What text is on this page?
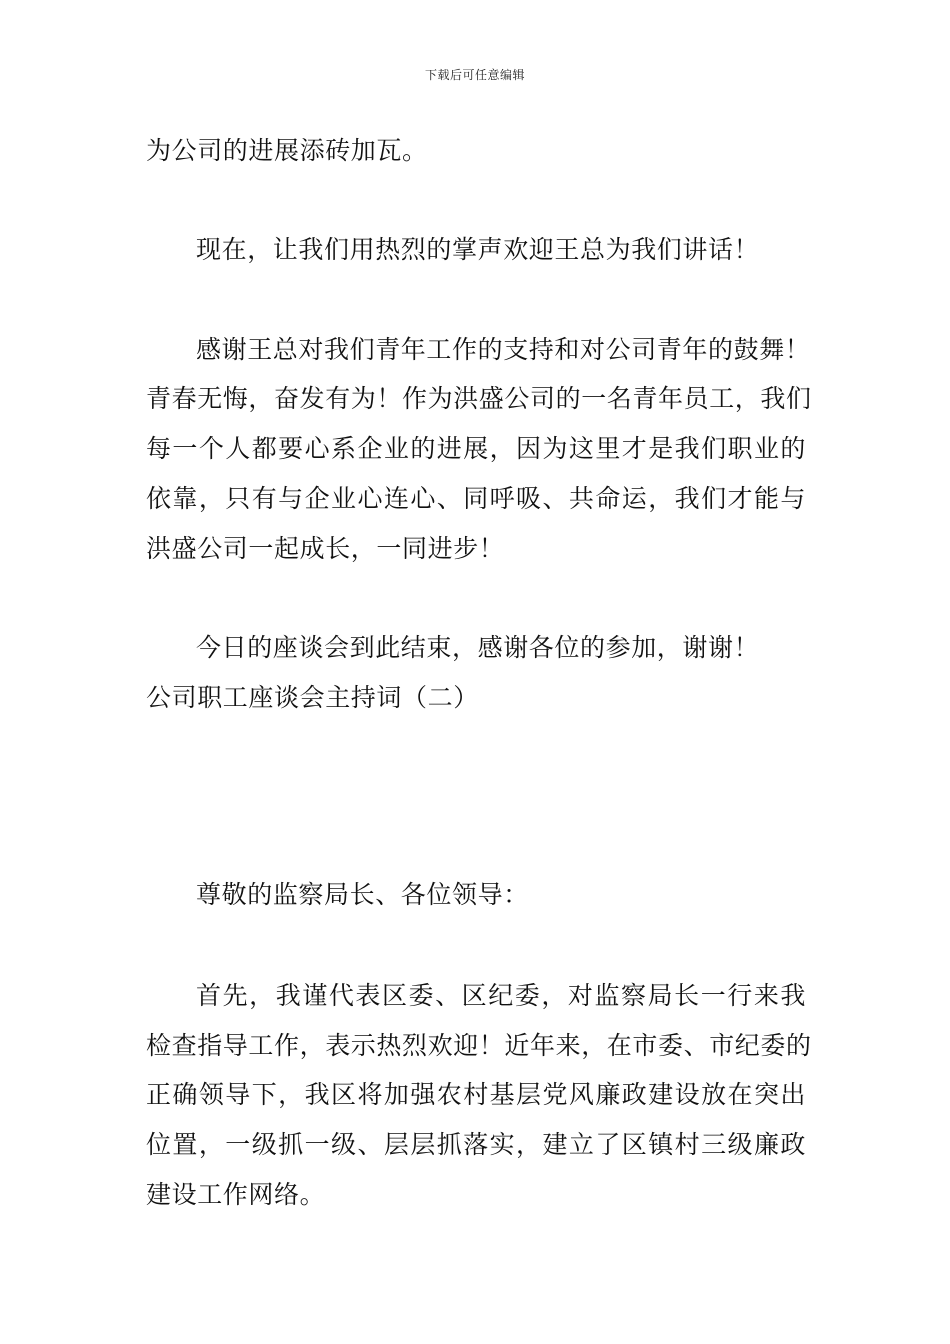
下载后可任意编辑
为公司的进展添砖加瓦。
现在，让我们用热烈的掌声欢迎王总为我们讲话！
感谢王总对我们青年工作的支持和对公司青年的鼓舞！
青春无悔，奋发有为！作为洪盛公司的一名青年员工，我们
每一个人都要心系企业的进展，因为这里才是我们职业的
依靠，只有与企业心连心、同呼吸、共命运，我们才能与
洪盛公司一起成长，一同进步！
今日的座谈会到此结束，感谢各位的参加，谢谢！
公司职工座谈会主持词（二）
尊敬的监察局长、各位领导：
首先，我谨代表区委、区纪委，对监察局长一行来我
检查指导工作，表示热烈欢迎！近年来，在市委、市纪委的
正确领导下，我区将加强农村基层党风廉政建设放在突出
位置，一级抓一级、层层抓落实，建立了区镇村三级廉政
建设工作网络。
